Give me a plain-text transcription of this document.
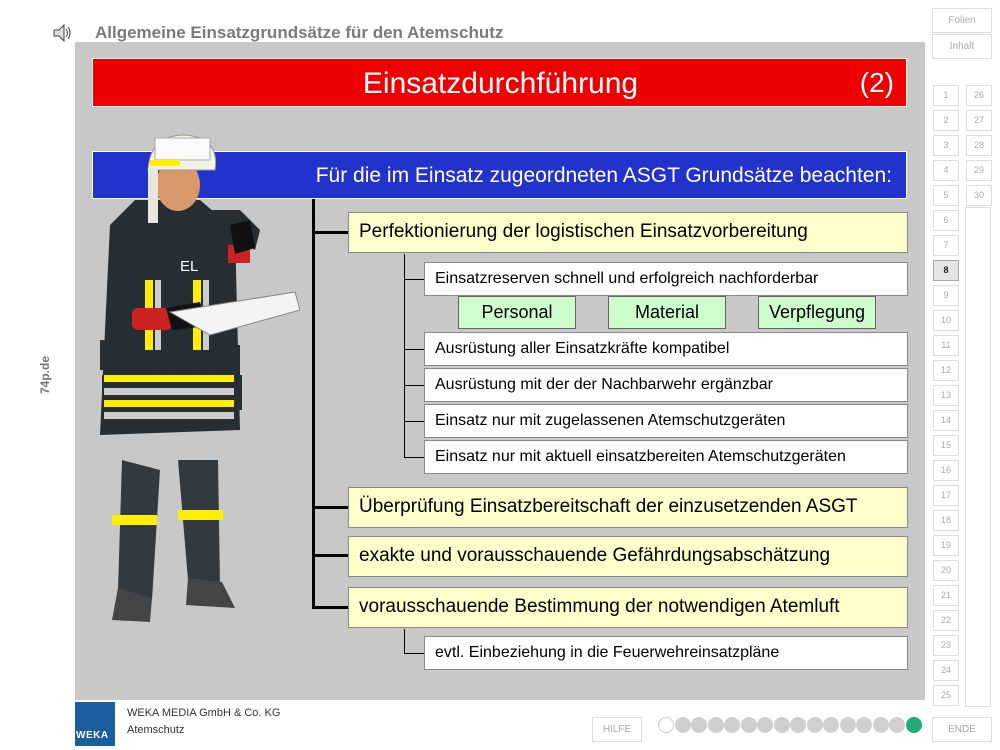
Allgemeine Einsatzgrundsätze für den Atemschutz
74p.de
Einsatzdurchführung	(2)
Für die im Einsatz zugeordneten ASGT Grundsätze beachten:
EL
Perfektionierung der logistischen Einsatzvorbereitung
Einsatzreserven schnell und erfolgreich nachforderbar
Personal	Material	Verpflegung
Ausrüstung aller Einsatzkräfte kompatibel
Ausrüstung mit der der Nachbarwehr ergänzbar
Einsatz nur mit zugelassenen Atemschutzgeräten
Einsatz nur mit aktuell einsatzbereiten Atemschutzgeräten
Überprüfung Einsatzbereitschaft der einzusetzenden ASGT
exakte und vorausschauende Gefährdungsabschätzung
vorausschauende Bestimmung der notwendigen Atemluft
evtl. Einbeziehung in die Feuerwehreinsatzpläne
Folien
Inhalt
1
2
3
4
5
6
7
8
9
10
11
12
13
14
15
16
17
18
19
20
21
22
23
24
25
26
27
28
29
30
WEKA
WEKA MEDIA GmbH & Co. KG
Atemschutz	HILFE	ENDE
